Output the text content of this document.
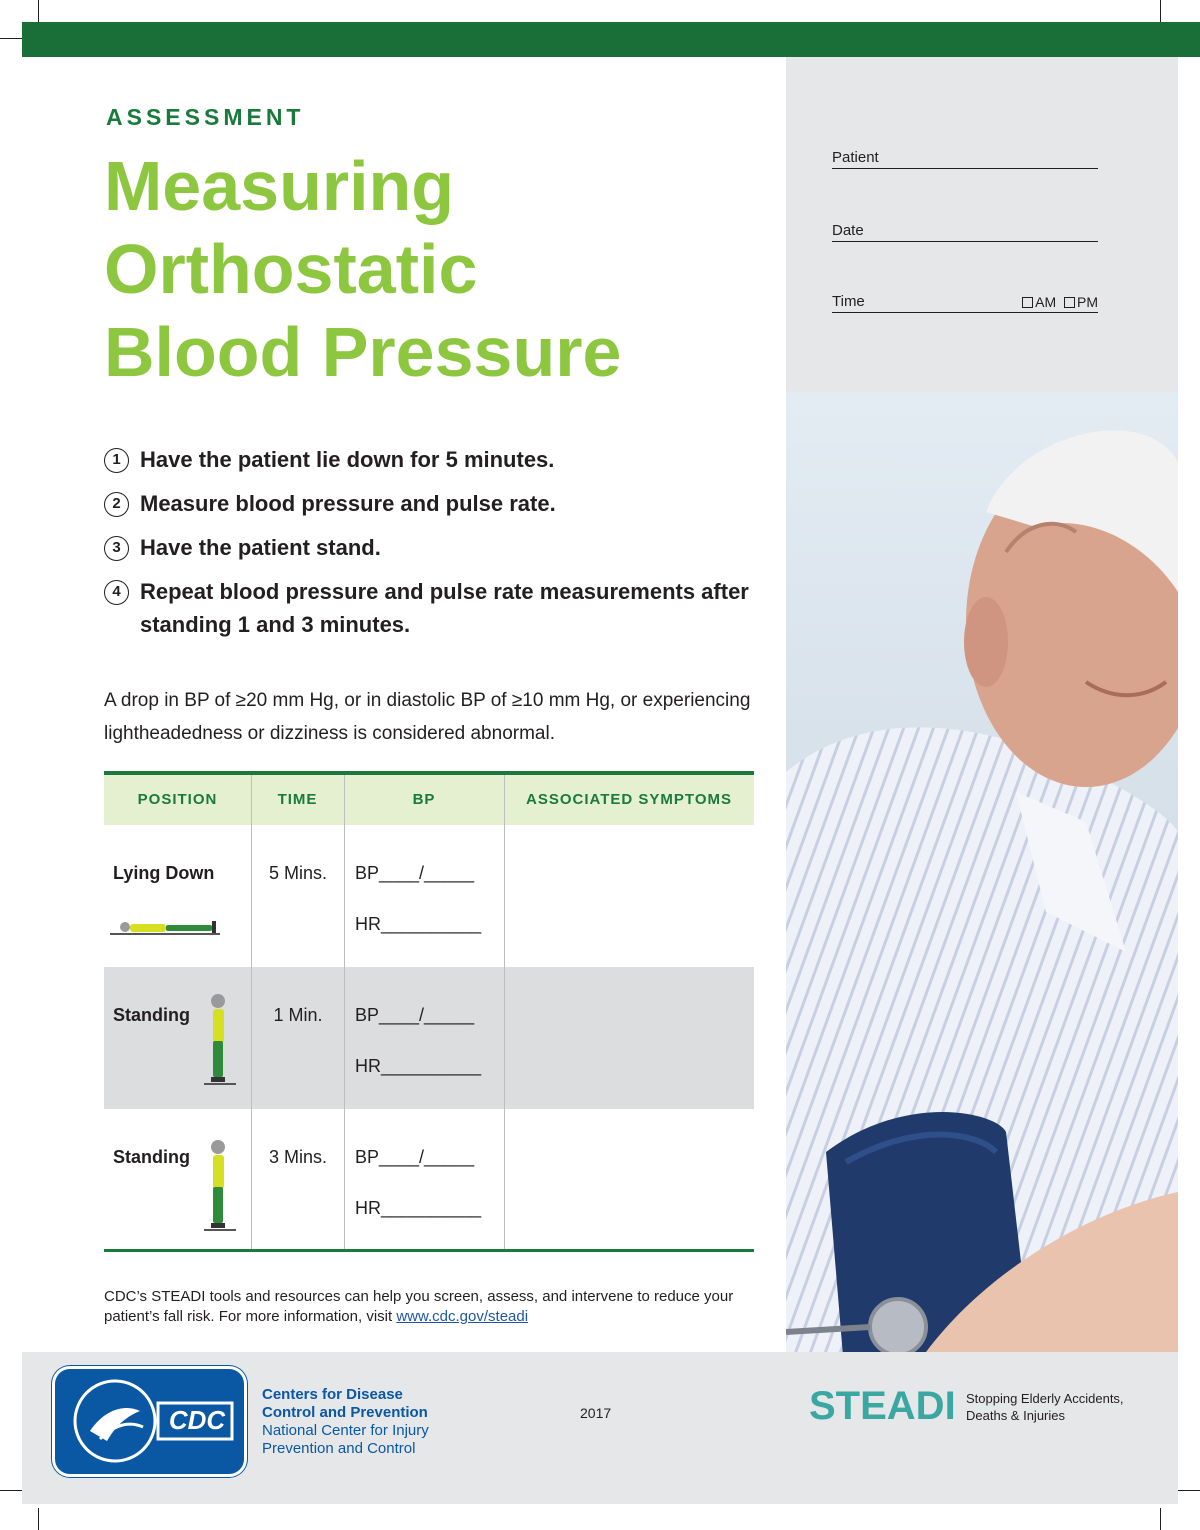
Patient
Date
Time	AM PM
ASSESSMENT
Measuring
Orthostatic
Blood Pressure
1 Have the patient lie down for 5 minutes.
2 Measure blood pressure and pulse rate.
3 Have the patient stand.
4 Repeat blood pressure and pulse rate measurements after standing 1 and 3 minutes.
A drop in BP of ≥20 mm Hg, or in diastolic BP of ≥10 mm Hg, or experiencing lightheadedness or dizziness is considered abnormal.
POSITION	TIME	BP	ASSOCIATED SYMPTOMS
Lying Down	5 Mins.	BP____/_____
HR__________
Standing	1 Min.	BP____/_____
HR__________
Standing	3 Mins.	BP____/_____
HR__________
CDC’s STEADI tools and resources can help you screen, assess, and intervene to reduce your patient’s fall risk. For more information, visit www.cdc.gov/steadi
CDC
Centers for Disease
Control and Prevention
National Center for Injury
Prevention and Control
2017	STEADI Stopping Elderly Accidents,
Deaths & Injuries
